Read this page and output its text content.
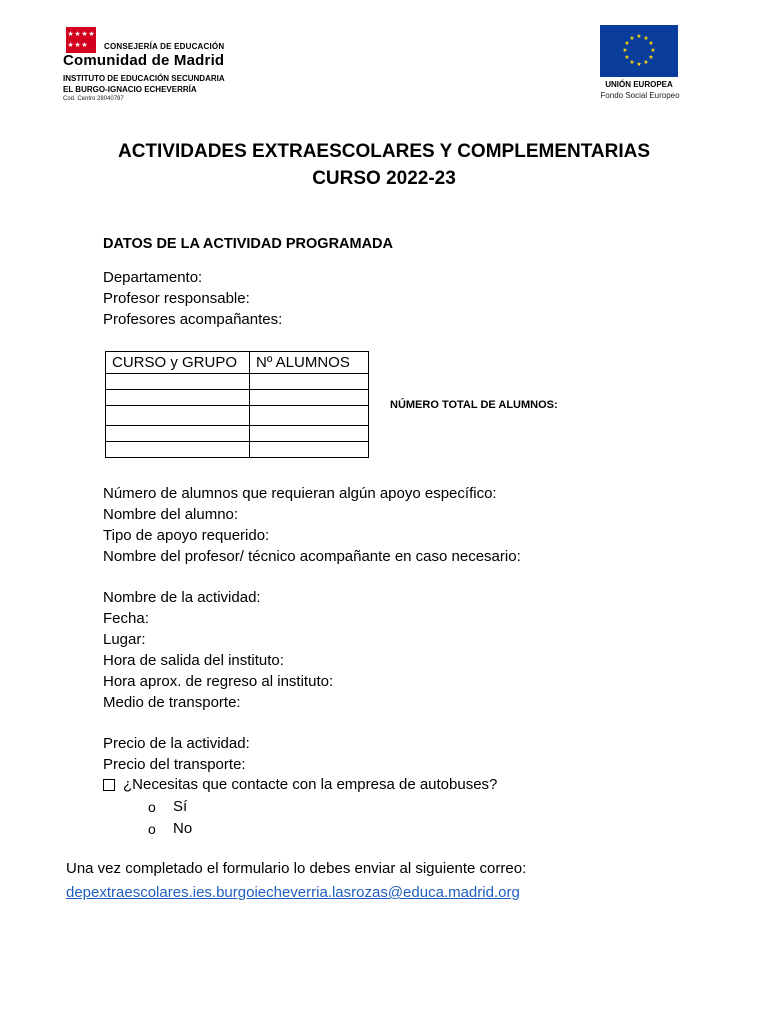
★ ★ ★ ★
★ ★ ★ CONSEJERÍA DE EDUCACIÓN
Comunidad de Madrid
INSTITUTO DE EDUCACIÓN SECUNDARIA
EL BURGO-IGNACIO ECHEVERRÍA
Cod. Centro 28040787
★ ★
★
★
★
★
★
★
★
★
★
★
UNIÓN EUROPEA
Fondo Social Europeo
ACTIVIDADES EXTRAESCOLARES Y COMPLEMENTARIAS
CURSO 2022-23
DATOS DE LA ACTIVIDAD PROGRAMADA
Departamento:
Profesor responsable:
Profesores acompañantes:
CURSO y GRUPO	Nº ALUMNOS

NÚMERO TOTAL DE ALUMNOS:
Número de alumnos que requieran algún apoyo específico:
Nombre del alumno:
Tipo de apoyo requerido:
Nombre del profesor/ técnico acompañante en caso necesario:
Nombre de la actividad:
Fecha:
Lugar:
Hora de salida del instituto:
Hora aprox. de regreso al instituto:
Medio de transporte:
Precio de la actividad:
Precio del transporte:
¿Necesitas que contacte con la empresa de autobuses?
o	Sí
o	No
Una vez completado el formulario lo debes enviar al siguiente correo:
depextraescolares.ies.burgoiecheverria.lasrozas@educa.madrid.org
